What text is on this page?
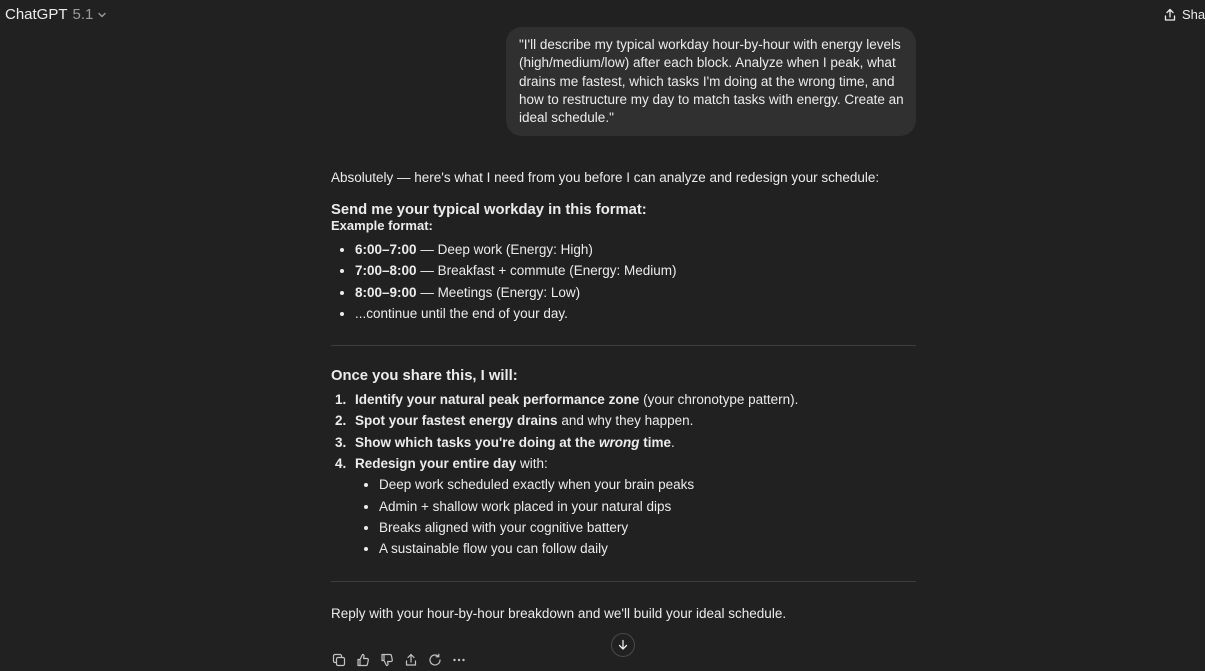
ChatGPT 5.1	Sha
"I'll describe my typical workday hour-by-hour with energy levels (high/medium/low) after each block. Analyze when I peak, what drains me fastest, which tasks I'm doing at the wrong time, and how to restructure my day to match tasks with energy. Create an ideal schedule."

Absolutely — here's what I need from you before I can analyze and redesign your schedule:

Send me your typical workday in this format:

Example format:

6:00–7:00 — Deep work (Energy: High)
7:00–8:00 — Breakfast + commute (Energy: Medium)
8:00–9:00 — Meetings (Energy: Low)
...continue until the end of your day.

Once you share this, I will:

1. Identify your natural peak performance zone (your chronotype pattern).
2. Spot your fastest energy drains and why they happen.
3. Show which tasks you're doing at the wrong time.
4. Redesign your entire day with:
Deep work scheduled exactly when your brain peaks
Admin + shallow work placed in your natural dips
Breaks aligned with your cognitive battery
A sustainable flow you can follow daily

Reply with your hour-by-hour breakdown and we'll build your ideal schedule.
